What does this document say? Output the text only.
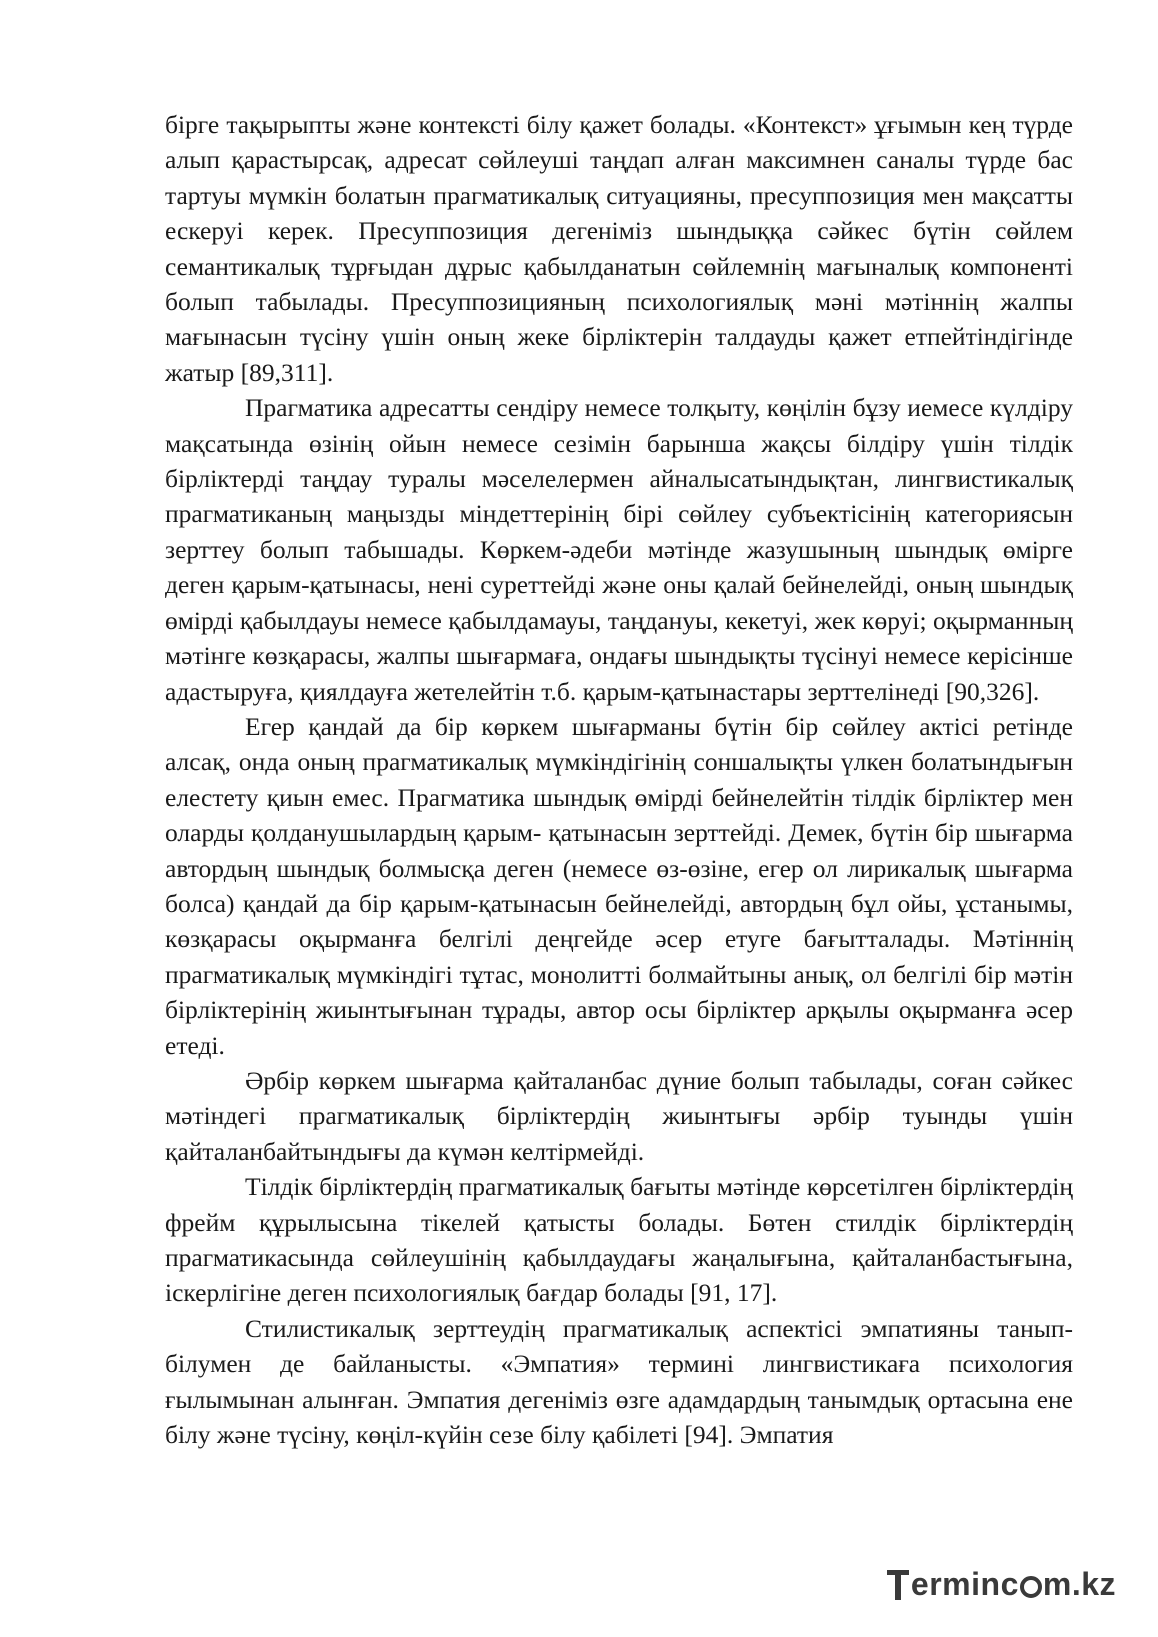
бірге тақырыпты және контексті білу қажет болады. «Контекст» ұғымын кең түрде алып қарастырсақ, адресат сөйлеуші таңдап алған максимнен саналы түрде бас тартуы мүмкін болатын прагматикалық ситуацияны, пресуппозиция мен мақсатты ескеруі керек. Пресуппозиция дегеніміз шындыққа сәйкес бүтін сөйлем семантикалық тұрғыдан дұрыс қабылданатын сөйлемнің мағыналық компоненті болып табылады. Пресуппозицияның психологиялық мәні мәтіннің жалпы мағынасын түсіну үшін оның жеке бірліктерін талдауды қажет етпейтіндігінде жатыр [89,311].

Прагматика адресатты сендіру немесе толқыту, көңілін бұзу иемесе күлдіру мақсатында өзінің ойын немесе сезімін барынша жақсы білдіру үшін тілдік бірліктерді таңдау туралы мәселелермен айналысатындықтан, лингвистикалық прагматиканың маңызды міндеттерінің бірі сөйлеу субъектісінің категориясын зерттеу болып табышады. Көркем-әдеби мәтінде жазушының шындық өмірге деген қарым-қатынасы, нені суреттейді және оны қалай бейнелейді, оның шындық өмірді қабылдауы немесе қабылдамауы, таңдануы, кекетуі, жек көруі; оқырманның мәтінге көзқарасы, жалпы шығармаға, ондағы шындықты түсінуі немесе керісінше адастыруға, қиялдауға жетелейтін т.б. қарым-қатынастары зерттелінеді [90,326].

Егер қандай да бір көркем шығарманы бүтін бір сөйлеу актісі ретінде алсақ, онда оның прагматикалық мүмкіндігінің соншалықты үлкен болатындығын елестету қиын емес. Прагматика шындық өмірді бейнелейтін тілдік бірліктер мен оларды қолданушылардың қарым- қатынасын зерттейді. Демек, бүтін бір шығарма автордың шындық болмысқа деген (немесе өз-өзіне, егер ол лирикалық шығарма болса) қандай да бір қарым-қатынасын бейнелейді, автордың бұл ойы, ұстанымы, көзқарасы оқырманға белгілі деңгейде әсер етуге бағытталады. Мәтіннің прагматикалық мүмкіндігі тұтас, монолитті болмайтыны анық, ол белгілі бір мәтін бірліктерінің жиынтығынан тұрады, автор осы бірліктер арқылы оқырманға әсер етеді.

Әрбір көркем шығарма қайталанбас дүние болып табылады, соған сәйкес мәтіндегі прагматикалық бірліктердің жиынтығы әрбір туынды үшін қайталанбайтындығы да күмән келтірмейді.

Тілдік бірліктердің прагматикалық бағыты мәтінде көрсетілген бірліктердің фрейм құрылысына тікелей қатысты болады. Бөтен стилдік бірліктердің прагматикасында сөйлеушінің қабылдаудағы жаңалығына, қайталанбастығына, іскерлігіне деген психологиялық бағдар болады [91, 17].

Стилистикалық зерттеудің прагматикалық аспектісі эмпатияны танып-білумен де байланысты. «Эмпатия» термині лингвистикаға психология ғылымынан алынған. Эмпатия дегеніміз өзге адамдардың танымдық ортасына ене білу және түсіну, көңіл-күйін сезе білу қабілеті [94]. Эмпатия

ermin c m.kz
